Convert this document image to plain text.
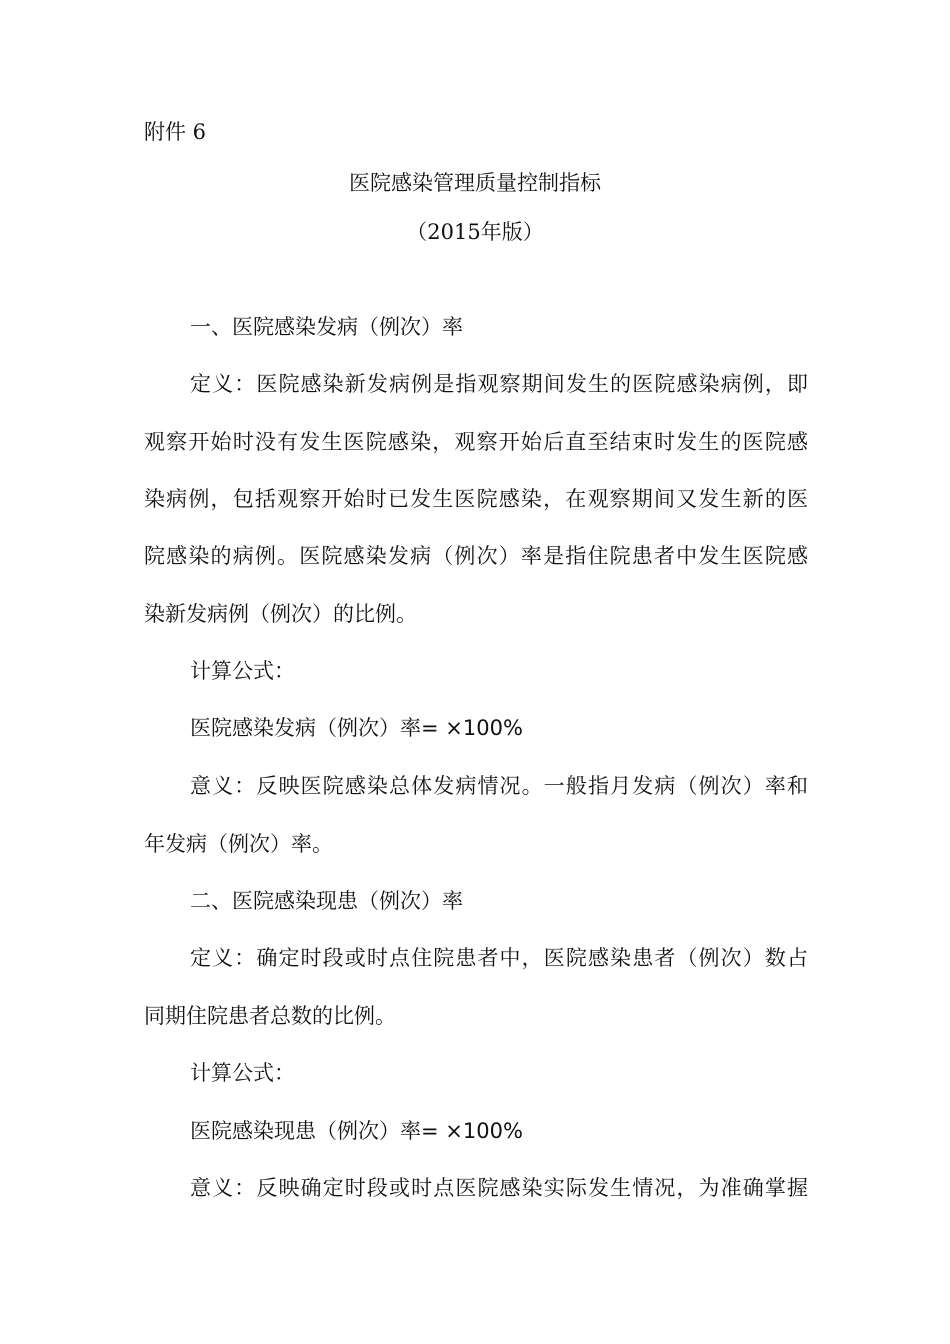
附件 6
医院感染管理质量控制指标
（2015年版）
一、医院感染发病（例次）率
定义：医院感染新发病例是指观察期间发生的医院感染病例，即
观察开始时没有发生医院感染，观察开始后直至结束时发生的医院感
染病例，包括观察开始时已发生医院感染，在观察期间又发生新的医
院感染的病例。医院感染发病（例次）率是指住院患者中发生医院感
染新发病例（例次）的比例。
计算公式：
医院感染发病（例次）率= ×100%
意义：反映医院感染总体发病情况。一般指月发病（例次）率和
年发病（例次）率。
二、医院感染现患（例次）率
定义：确定时段或时点住院患者中，医院感染患者（例次）数占
同期住院患者总数的比例。
计算公式：
医院感染现患（例次）率= ×100%
意义：反映确定时段或时点医院感染实际发生情况，为准确掌握
